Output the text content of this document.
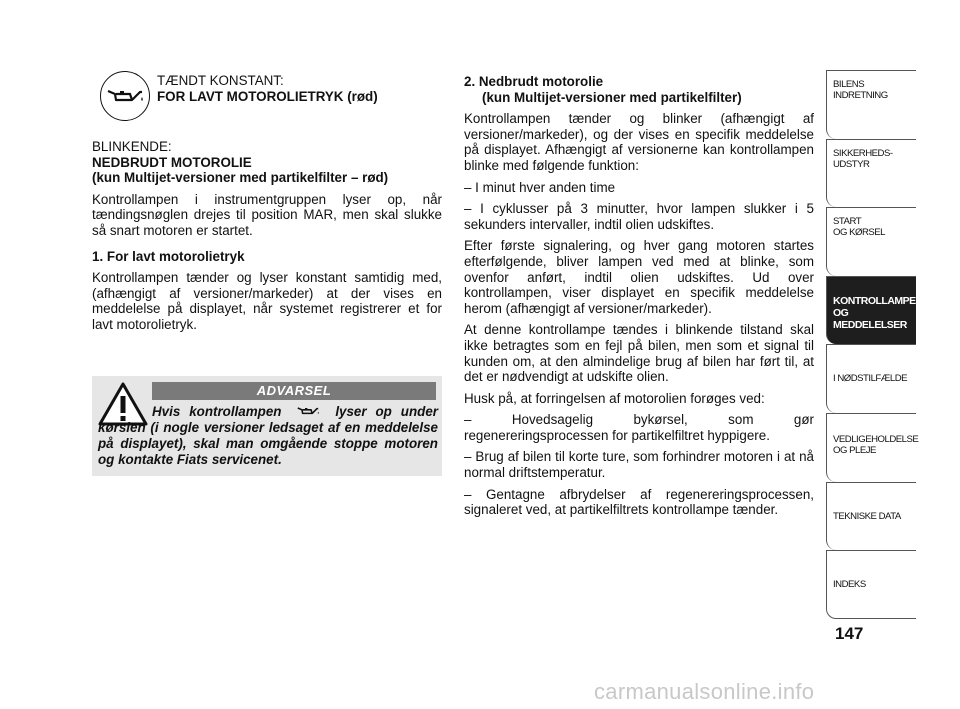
TÆNDT KONSTANT:
FOR LAVT MOTOROLIETRYK (rød)
BLINKENDE:
NEDBRUDT MOTOROLIE
(kun Multijet-versioner med partikelfilter – rød)

Kontrollampen i instrumentgruppen lyser op, når tændingsnøglen drejes til position MAR, men skal slukke så snart motoren er startet.

1. For lavt motorolietryk

Kontrollampen tænder og lyser konstant samtidig med, (afhængigt af versioner/markeder) at der vises en meddelelse på displayet, når systemet registrerer et for lavt motorolietryk.

ADVARSEL
Hvis kontrollampen	lyser op under kørslen (i nogle versioner ledsaget af en meddelelse på displayet), skal man omgående stoppe motoren og kontakte Fiats servicenet.
2. Nedbrudt motorolie
(kun Multijet-versioner med partikelfilter)

Kontrollampen tænder og blinker (afhængigt af versioner/markeder), og der vises en specifik meddelelse på displayet. Afhængigt af versionerne kan kontrollampen blinke med følgende funktion:

– I minut hver anden time

– I cyklusser på 3 minutter, hvor lampen slukker i 5 sekunders intervaller, indtil olien udskiftes.

Efter første signalering, og hver gang motoren startes efterfølgende, bliver lampen ved med at blinke, som ovenfor anført, indtil olien udskiftes. Ud over kontrollampen, viser displayet en specifik meddelelse herom (afhængigt af versioner/markeder).

At denne kontrollampe tændes i blinkende tilstand skal ikke betragtes som en fejl på bilen, men som et signal til kunden om, at den almindelige brug af bilen har ført til, at det er nødvendigt at udskifte olien.

Husk på, at forringelsen af motorolien forøges ved:

– Hovedsagelig bykørsel, som gør regenereringsprocessen for partikelfiltret hyppigere.

– Brug af bilen til korte ture, som forhindrer motoren i at nå normal driftstemperatur.

– Gentagne afbrydelser af regenereringsprocessen, signaleret ved, at partikelfiltrets kontrollampe tænder.

BILENS
INDRETNING
SIKKERHEDS-
UDSTYR
START
OG KØRSEL
KONTROLLAMPER
OG MEDDELELSER
I NØDSTILFÆLDE
VEDLIGEHOLDELSE
OG PLEJE
TEKNISKE DATA
INDEKS
147
carmanualsonline.info
